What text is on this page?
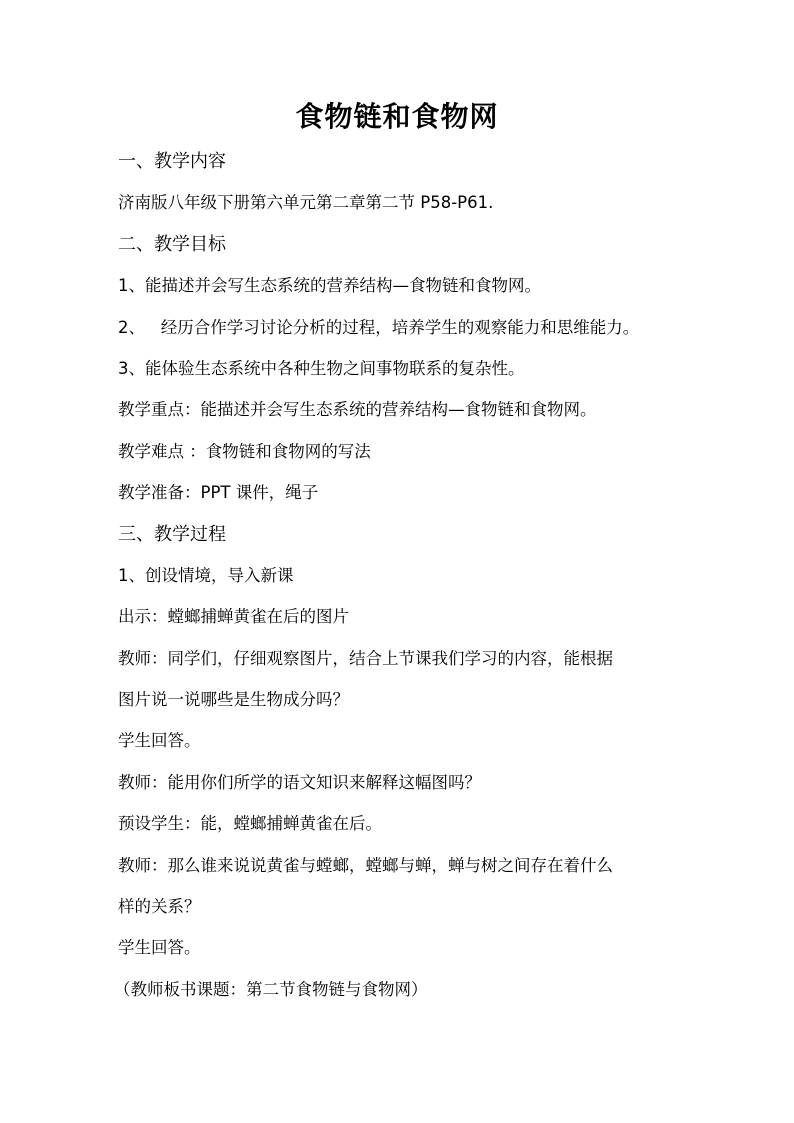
食物链和食物网
一、教学内容
济南版八年级下册第六单元第二章第二节 P58-P61.
二、教学目标
1、能描述并会写生态系统的营养结构—食物链和食物网。
2、   经历合作学习讨论分析的过程，培养学生的观察能力和思维能力。
3、能体验生态系统中各种生物之间事物联系的复杂性。
教学重点：能描述并会写生态系统的营养结构—食物链和食物网。
教学难点 ：食物链和食物网的写法
教学准备：PPT 课件，绳子
三、教学过程
1、创设情境，导入新课
出示：螳螂捕蝉黄雀在后的图片
教师：同学们，仔细观察图片，结合上节课我们学习的内容，能根据
图片说一说哪些是生物成分吗？
学生回答。
教师：能用你们所学的语文知识来解释这幅图吗？
预设学生：能，螳螂捕蝉黄雀在后。
教师：那么谁来说说黄雀与螳螂，螳螂与蝉，蝉与树之间存在着什么
样的关系？
学生回答。
（教师板书课题：第二节食物链与食物网）
